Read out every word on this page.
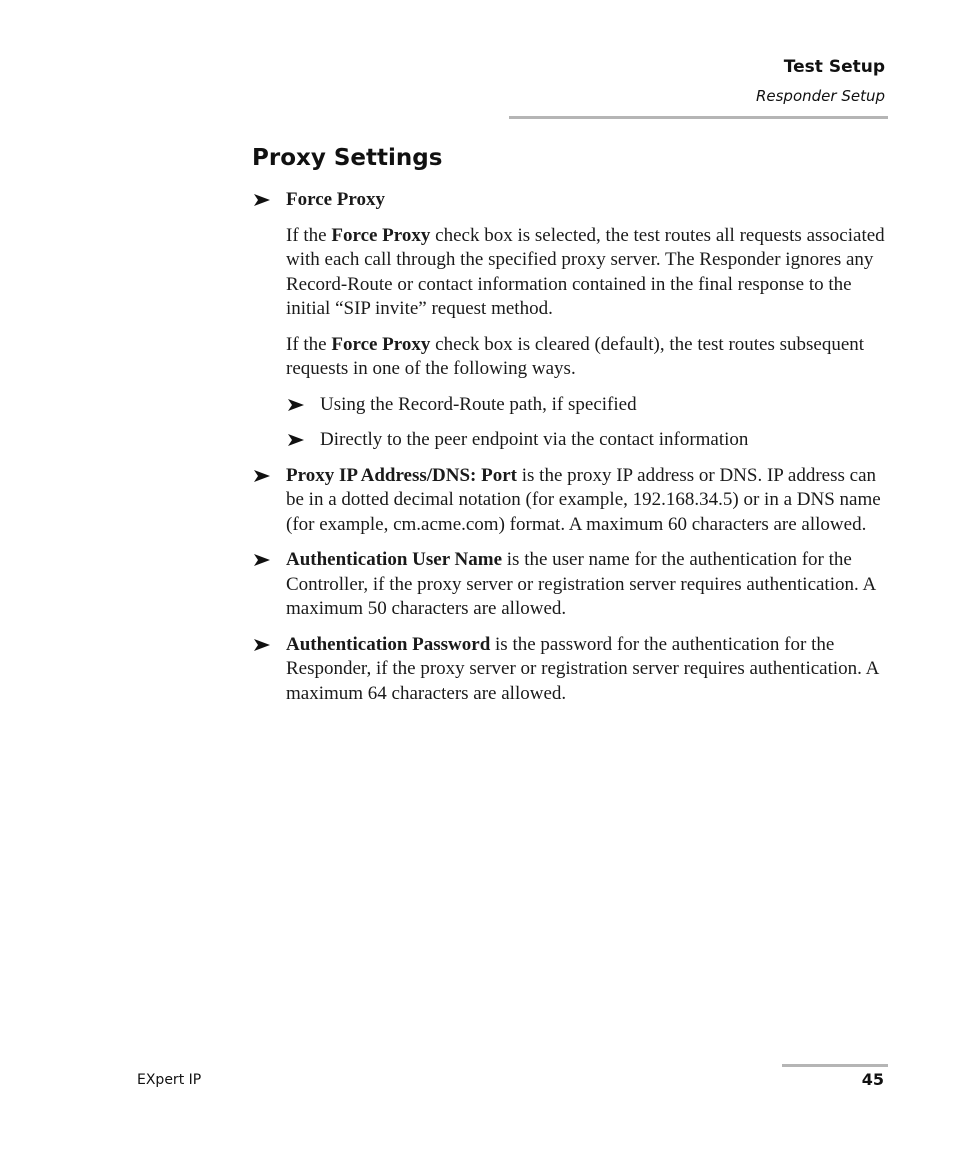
Test Setup
Responder Setup
Proxy Settings
Force Proxy

If the Force Proxy check box is selected, the test routes all requests associated with each call through the specified proxy server. The Responder ignores any Record-Route or contact information contained in the final response to the initial “SIP invite” request method.

If the Force Proxy check box is cleared (default), the test routes subsequent requests in one of the following ways.

Using the Record-Route path, if specified
Directly to the peer endpoint via the contact information
Proxy IP Address/DNS: Port is the proxy IP address or DNS. IP address can be in a dotted decimal notation (for example, 192.168.34.5) or in a DNS name (for example, cm.acme.com) format. A maximum 60 characters are allowed.
Authentication User Name is the user name for the authentication for the Controller, if the proxy server or registration server requires authentication. A maximum 50 characters are allowed.
Authentication Password is the password for the authentication for the Responder, if the proxy server or registration server requires authentication. A maximum 64 characters are allowed.
EXpert IP	45
